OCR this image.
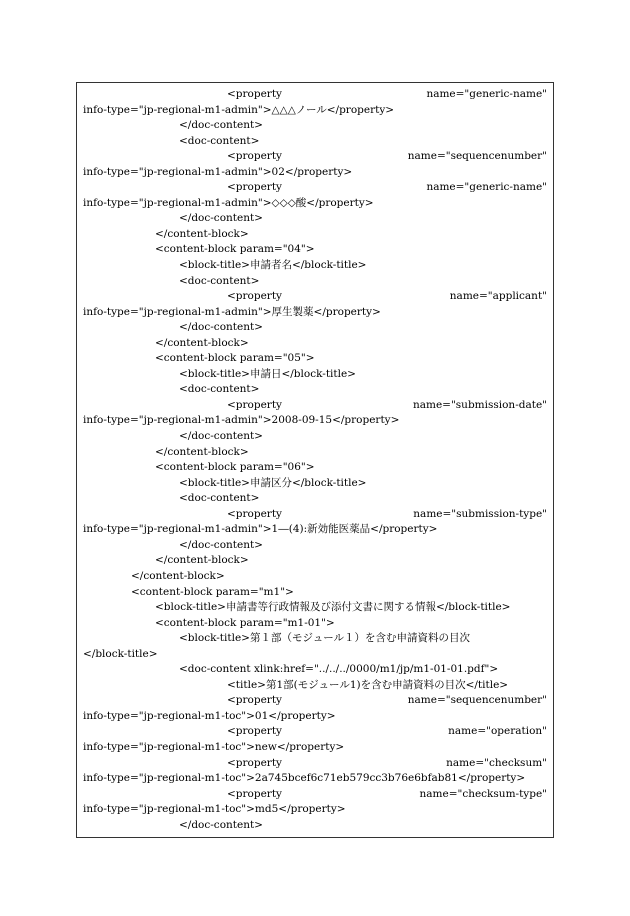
<property	name="generic-name"
info-type="jp-regional-m1-admin">△△△ノール</property>
</doc-content>
<doc-content>
<property	name="sequencenumber"
info-type="jp-regional-m1-admin">02</property>
<property	name="generic-name"
info-type="jp-regional-m1-admin">◇◇◇酸</property>
</doc-content>
</content-block>
<content-block param="04">
<block-title>申請者名</block-title>
<doc-content>
<property	name="applicant"
info-type="jp-regional-m1-admin">厚生製薬</property>
</doc-content>
</content-block>
<content-block param="05">
<block-title>申請日</block-title>
<doc-content>
<property	name="submission-date"
info-type="jp-regional-m1-admin">2008-09-15</property>
</doc-content>
</content-block>
<content-block param="06">
<block-title>申請区分</block-title>
<doc-content>
<property	name="submission-type"
info-type="jp-regional-m1-admin">1―(4):新効能医薬品</property>
</doc-content>
</content-block>
</content-block>
<content-block param="m1">
<block-title>申請書等行政情報及び添付文書に関する情報</block-title>
<content-block param="m1-01">
<block-title>第１部（モジュール１）を含む申請資料の目次
</block-title>
<doc-content xlink:href="../../../0000/m1/jp/m1-01-01.pdf">
<title>第1部(モジュール1)を含む申請資料の目次</title>
<property	name="sequencenumber"
info-type="jp-regional-m1-toc">01</property>
<property	name="operation"
info-type="jp-regional-m1-toc">new</property>
<property	name="checksum"
info-type="jp-regional-m1-toc">2a745bcef6c71eb579cc3b76e6bfab81</property>
<property	name="checksum-type"
info-type="jp-regional-m1-toc">md5</property>
</doc-content>
